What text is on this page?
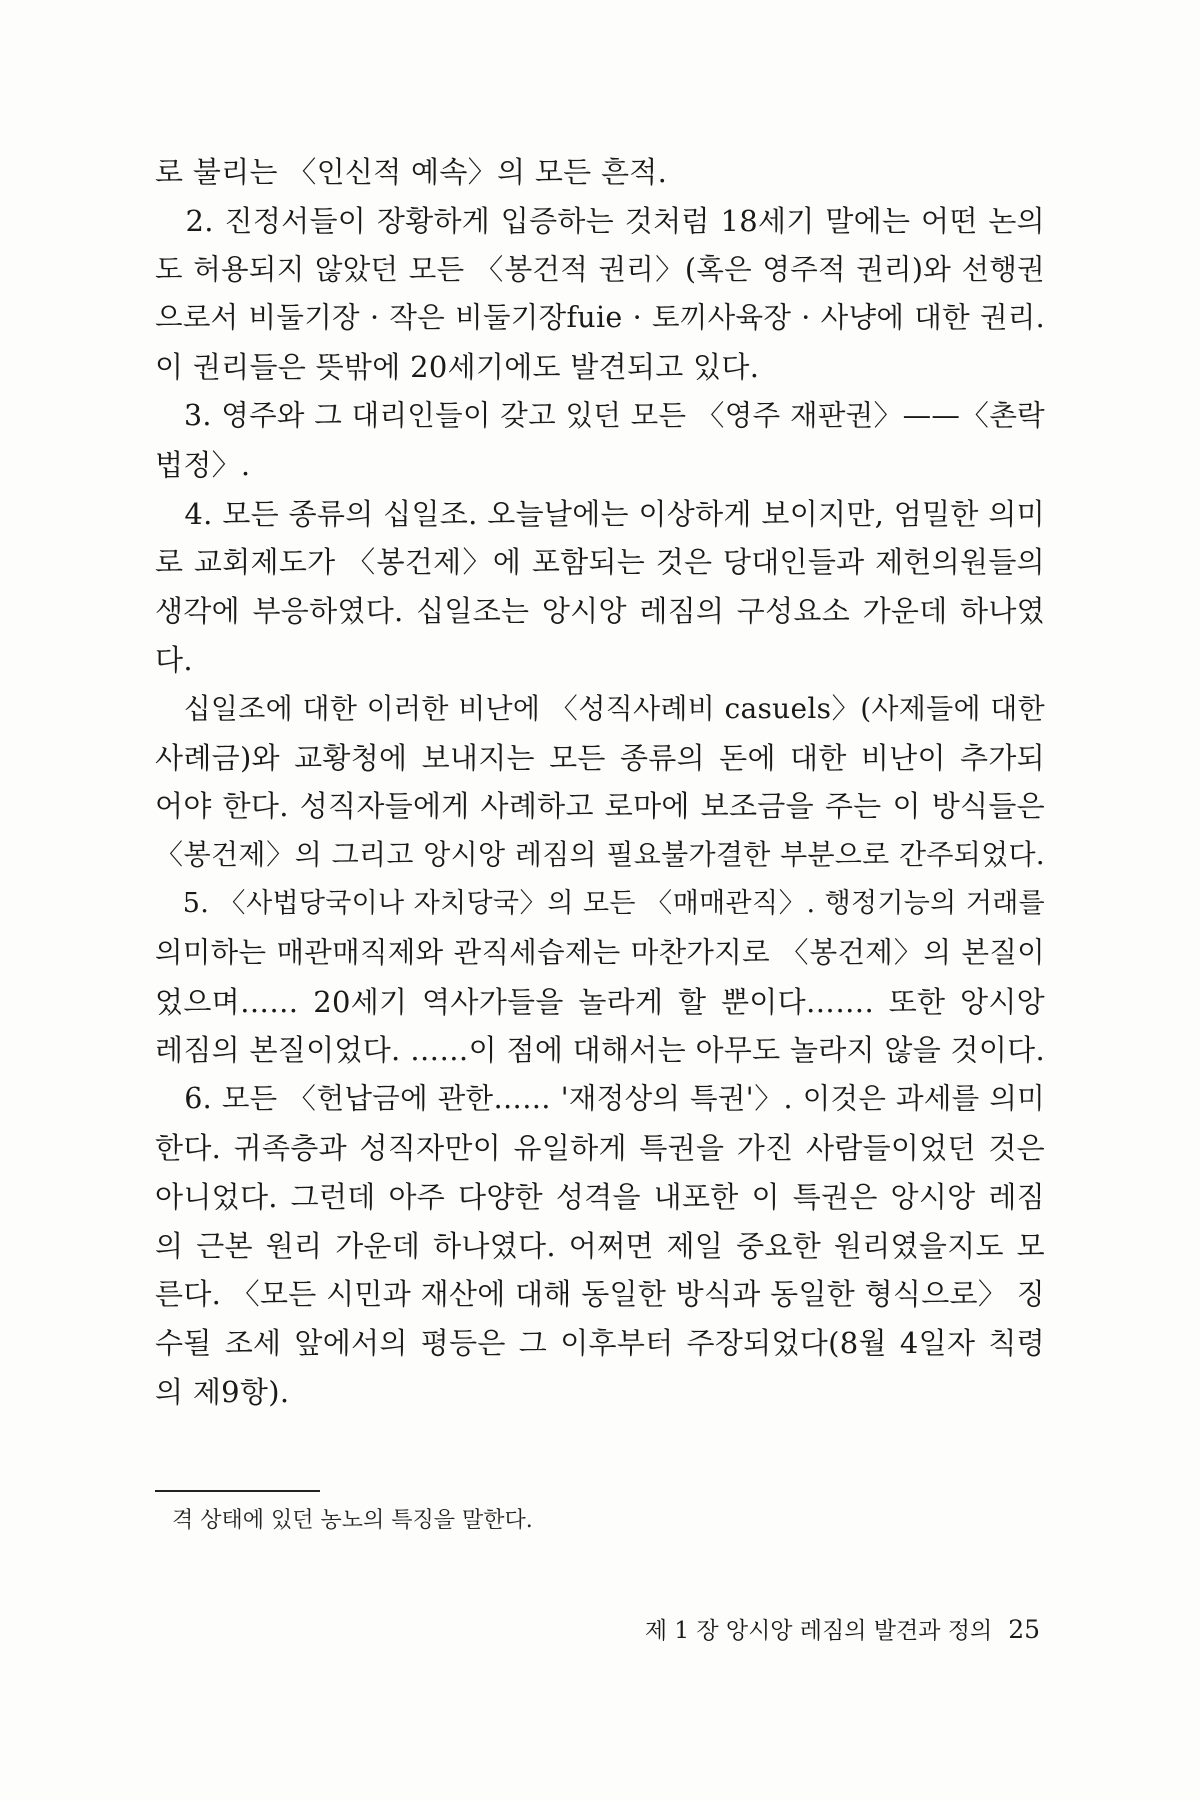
로 불리는 〈인신적 예속〉의 모든 흔적.
　2. 진정서들이 장황하게 입증하는 것처럼 18세기 말에는 어떤 논의
도 허용되지 않았던 모든 〈봉건적 권리〉(혹은 영주적 권리)와 선행권
으로서 비둘기장 · 작은 비둘기장fuie · 토끼사육장 · 사냥에 대한 권리.
이 권리들은 뜻밖에 20세기에도 발견되고 있다.
　3. 영주와 그 대리인들이 갖고 있던 모든 〈영주 재판권〉——〈촌락
법정〉.
　4. 모든 종류의 십일조. 오늘날에는 이상하게 보이지만, 엄밀한 의미
로 교회제도가 〈봉건제〉에 포함되는 것은 당대인들과 제헌의원들의
생각에 부응하였다. 십일조는 앙시앙 레짐의 구성요소 가운데 하나였
다.
　십일조에 대한 이러한 비난에 〈성직사례비 casuels〉(사제들에 대한
사례금)와 교황청에 보내지는 모든 종류의 돈에 대한 비난이 추가되
어야 한다. 성직자들에게 사례하고 로마에 보조금을 주는 이 방식들은
〈봉건제〉의 그리고 앙시앙 레짐의 필요불가결한 부분으로 간주되었다.
　5. 〈사법당국이나 자치당국〉의 모든 〈매매관직〉. 행정기능의 거래를
의미하는 매관매직제와 관직세습제는 마찬가지로 〈봉건제〉의 본질이
었으며…… 20세기 역사가들을 놀라게 할 뿐이다……. 또한 앙시앙
레짐의 본질이었다. ……이 점에 대해서는 아무도 놀라지 않을 것이다.
　6. 모든 〈헌납금에 관한…… '재정상의 특권'〉. 이것은 과세를 의미
한다. 귀족층과 성직자만이 유일하게 특권을 가진 사람들이었던 것은
아니었다. 그런데 아주 다양한 성격을 내포한 이 특권은 앙시앙 레짐
의 근본 원리 가운데 하나였다. 어쩌면 제일 중요한 원리였을지도 모
른다. 〈모든 시민과 재산에 대해 동일한 방식과 동일한 형식으로〉 징
수될 조세 앞에서의 평등은 그 이후부터 주장되었다(8월 4일자 칙령
의 제9항).
격 상태에 있던 농노의 특징을 말한다.
제 1 장 앙시앙 레짐의 발견과 정의 25
